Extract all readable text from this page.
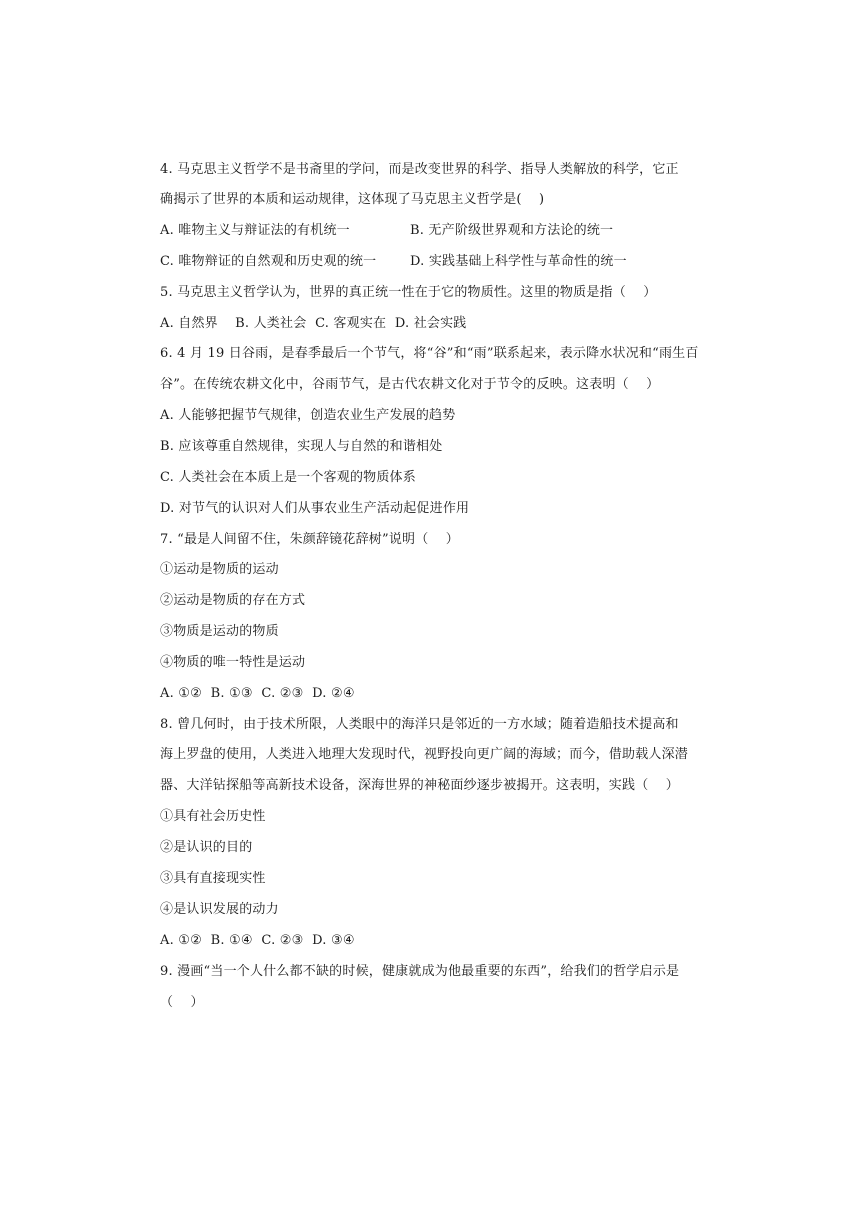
4. 马克思主义哲学不是书斋里的学问，而是改变世界的科学、指导人类解放的科学，它正
确揭示了世界的本质和运动规律，这体现了马克思主义哲学是(    )
A. 唯物主义与辩证法的有机统一	B. 无产阶级世界观和方法论的统一
C. 唯物辩证的自然观和历史观的统一	D. 实践基础上科学性与革命性的统一
5. 马克思主义哲学认为，世界的真正统一性在于它的物质性。这里的物质是指（    ）
A. 自然界    B. 人类社会  C. 客观实在  D. 社会实践
6. 4 月 19 日谷雨，是春季最后一个节气，将“谷”和“雨”联系起来，表示降水状况和“雨生百
谷”。在传统农耕文化中，谷雨节气，是古代农耕文化对于节令的反映。这表明（    ）
A. 人能够把握节气规律，创造农业生产发展的趋势
B. 应该尊重自然规律，实现人与自然的和谐相处
C. 人类社会在本质上是一个客观的物质体系
D. 对节气的认识对人们从事农业生产活动起促进作用
7. “最是人间留不住，朱颜辞镜花辞树”说明（    ）
①运动是物质的运动
②运动是物质的存在方式
③物质是运动的物质
④物质的唯一特性是运动
A. ①②  B. ①③  C. ②③  D. ②④
8. 曾几何时，由于技术所限，人类眼中的海洋只是邻近的一方水域；随着造船技术提高和
海上罗盘的使用，人类进入地理大发现时代，视野投向更广阔的海域；而今，借助载人深潜
器、大洋钻探船等高新技术设备，深海世界的神秘面纱逐步被揭开。这表明，实践（    ）
①具有社会历史性
②是认识的目的
③具有直接现实性
④是认识发展的动力
A. ①②  B. ①④  C. ②③  D. ③④
9. 漫画“当一个人什么都不缺的时候，健康就成为他最重要的东西”，给我们的哲学启示是
（    ）
